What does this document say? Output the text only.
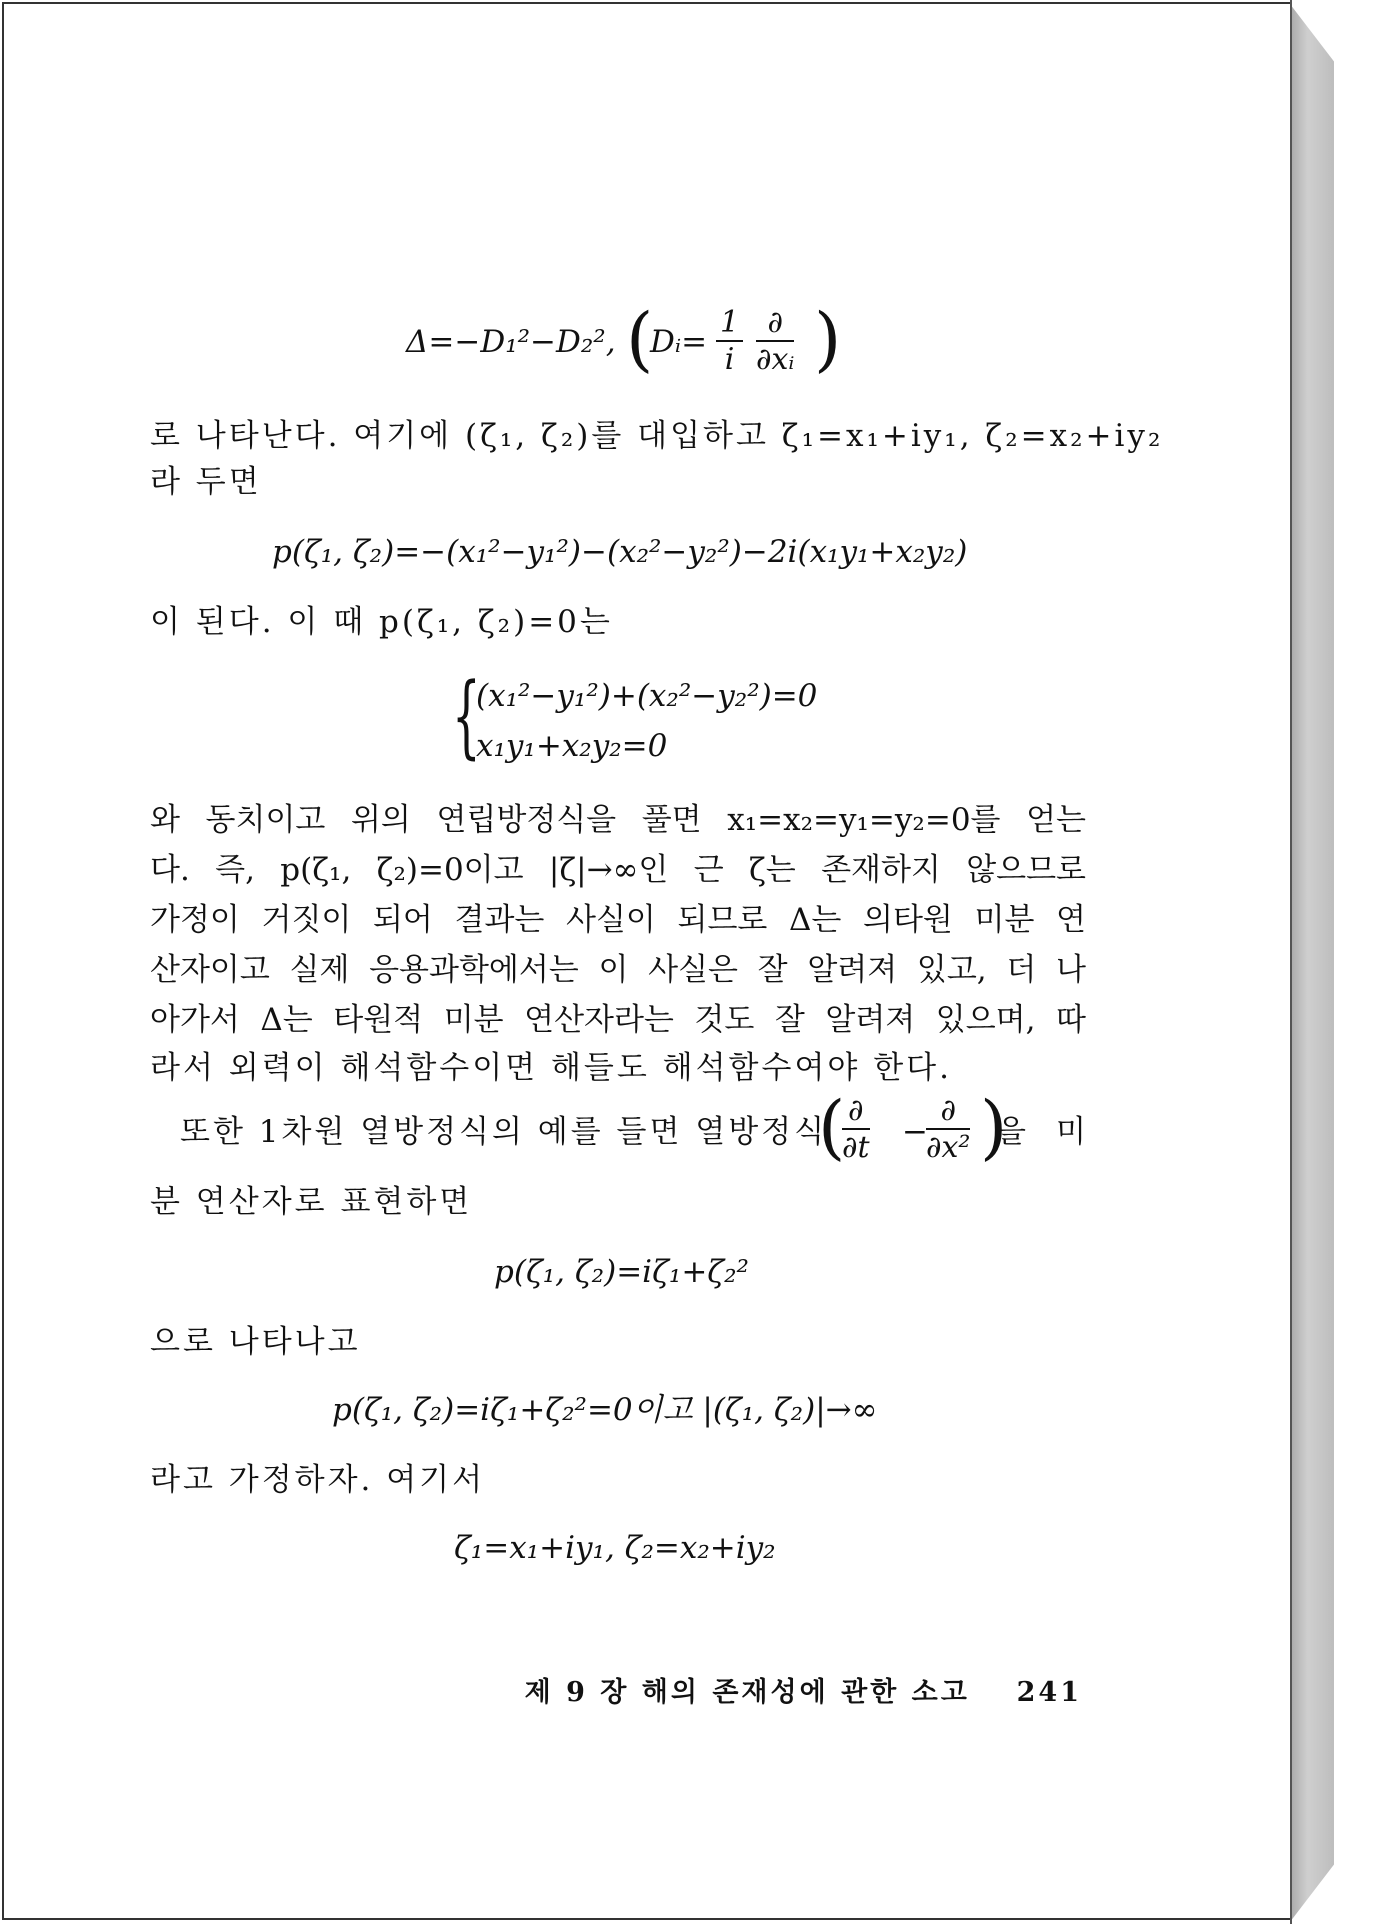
Δ=−D₁²−D₂², (
Dᵢ= $\frac{1}{i}$ ∂
∂xᵢ )
로 나타난다. 여기에 (ζ₁, ζ₂)를 대입하고 ζ₁=x₁+iy₁, ζ₂=x₂+iy₂
라 두면
p(ζ₁, ζ₂)=−(x₁²−y₁²)−(x₂²−y₂²)−2i(x₁y₁+x₂y₂)
이 된다. 이 때 p(ζ₁, ζ₂)=0는
{
(x₁²−y₁²)+(x₂²−y₂²)=0
x₁y₁+x₂y₂=0
와 동치이고 위의 연립방정식을 풀면 x₁=x₂=y₁=y₂=0를 얻는
다. 즉, p(ζ₁, ζ₂)=0이고 |ζ|→∞인 근 ζ는 존재하지 않으므로
가정이 거짓이 되어 결과는 사실이 되므로 Δ는 의타원 미분 연
산자이고 실제 응용과학에서는 이 사실은 잘 알려져 있고, 더 나
아가서 Δ는 타원적 미분 연산자라는 것도 잘 알려져 있으며, 따
라서 외력이 해석함수이면 해들도 해석함수여야 한다.
또한 1차원 열방정식의 예를 들면 열방정식
( ∂
∂t −
∂
∂x² )
을 미
분 연산자로 표현하면
p(ζ₁, ζ₂)=iζ₁+ζ₂²
으로 나타나고
p(ζ₁, ζ₂)=iζ₁+ζ₂²=0이고 |(ζ₁, ζ₂)|→∞
라고 가정하자. 여기서
ζ₁=x₁+iy₁, ζ₂=x₂+iy₂
제 9 장 해의 존재성에 관한 소고 241
